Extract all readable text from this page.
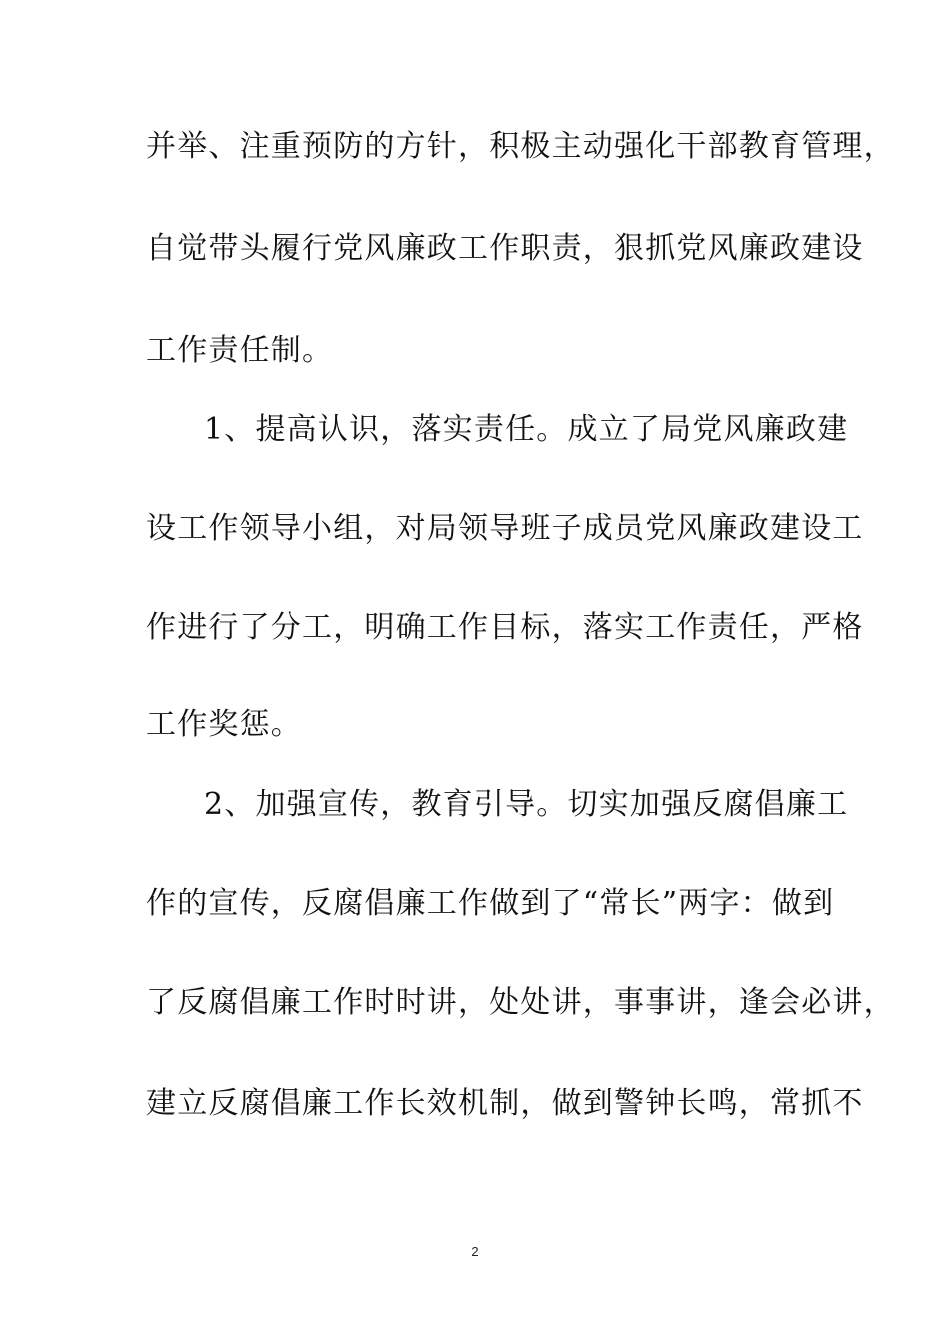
并举、注重预防的方针，积极主动强化干部教育管理，
自觉带头履行党风廉政工作职责，狠抓党风廉政建设
工作责任制。
1、提高认识，落实责任。成立了局党风廉政建
设工作领导小组，对局领导班子成员党风廉政建设工
作进行了分工，明确工作目标，落实工作责任，严格
工作奖惩。
2、加强宣传，教育引导。切实加强反腐倡廉工
作的宣传，反腐倡廉工作做到了“常长”两字：做到
了反腐倡廉工作时时讲，处处讲，事事讲，逢会必讲，
建立反腐倡廉工作长效机制，做到警钟长鸣，常抓不
2
